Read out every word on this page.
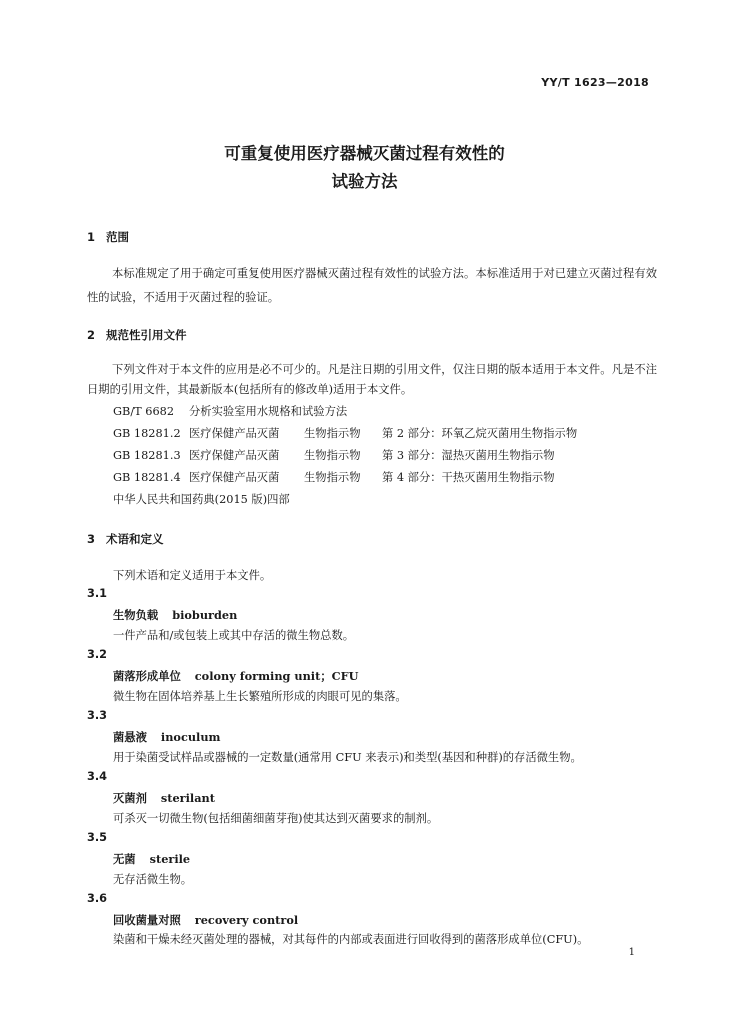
YY/T 1623—2018
可重复使用医疗器械灭菌过程有效性的
试验方法
1 范围
本标准规定了用于确定可重复使用医疗器械灭菌过程有效性的试验方法。本标准适用于对已建立灭菌过程有效性的试验，不适用于灭菌过程的验证。
2 规范性引用文件
下列文件对于本文件的应用是必不可少的。凡是注日期的引用文件，仅注日期的版本适用于本文件。凡是不注日期的引用文件，其最新版本(包括所有的修改单)适用于本文件。
GB/T 6682 分析实验室用水规格和试验方法
GB 18281.2 医疗保健产品灭菌 生物指示物 第 2 部分：环氧乙烷灭菌用生物指示物
GB 18281.3 医疗保健产品灭菌 生物指示物 第 3 部分：湿热灭菌用生物指示物
GB 18281.4 医疗保健产品灭菌 生物指示物 第 4 部分：干热灭菌用生物指示物
中华人民共和国药典(2015 版)四部
3 术语和定义
下列术语和定义适用于本文件。
3.1
生物负载 bioburden
一件产品和/或包装上或其中存活的微生物总数。
3.2
菌落形成单位 colony forming unit；CFU
微生物在固体培养基上生长繁殖所形成的肉眼可见的集落。
3.3
菌悬液 inoculum
用于染菌受试样品或器械的一定数量(通常用 CFU 来表示)和类型(基因和种群)的存活微生物。
3.4
灭菌剂 sterilant
可杀灭一切微生物(包括细菌细菌芽孢)使其达到灭菌要求的制剂。
3.5
无菌 sterile
无存活微生物。
3.6
回收菌量对照 recovery control
染菌和干燥未经灭菌处理的器械，对其每件的内部或表面进行回收得到的菌落形成单位(CFU)。
1
